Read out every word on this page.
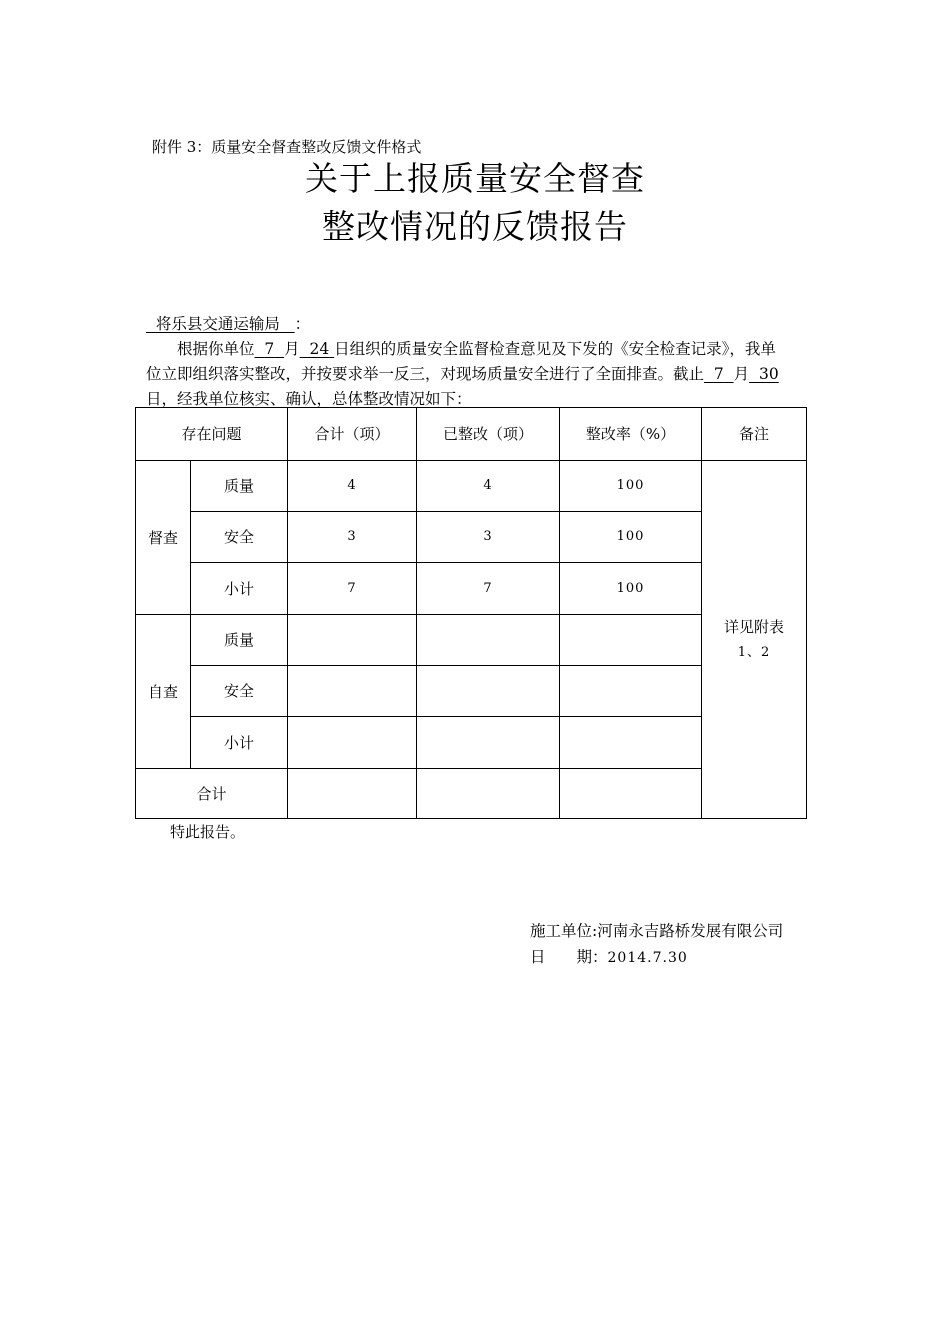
附件 3：质量安全督查整改反馈文件格式
关于上报质量安全督查
整改情况的反馈报告
将乐县交通运输局 ：
根据你单位 7 月 24 日组织的质量安全监督检查意见及下发的《安全检查记录》，我单
位立即组织落实整改，并按要求举一反三，对现场质量安全进行了全面排查。截止 7 月 30
日，经我单位核实、确认，总体整改情况如下：
存在问题		合计（项）	已整改（项）	整改率（%）	备注
督查	质量	4	4	100	详见附表
1、2

	安全	3	3	100	
	小计	7	7	100	
自查	质量				
	安全				
	小计				
合计					
特此报告。
施工单位:河南永吉路桥发展有限公司
日　　期：2014.7.30
